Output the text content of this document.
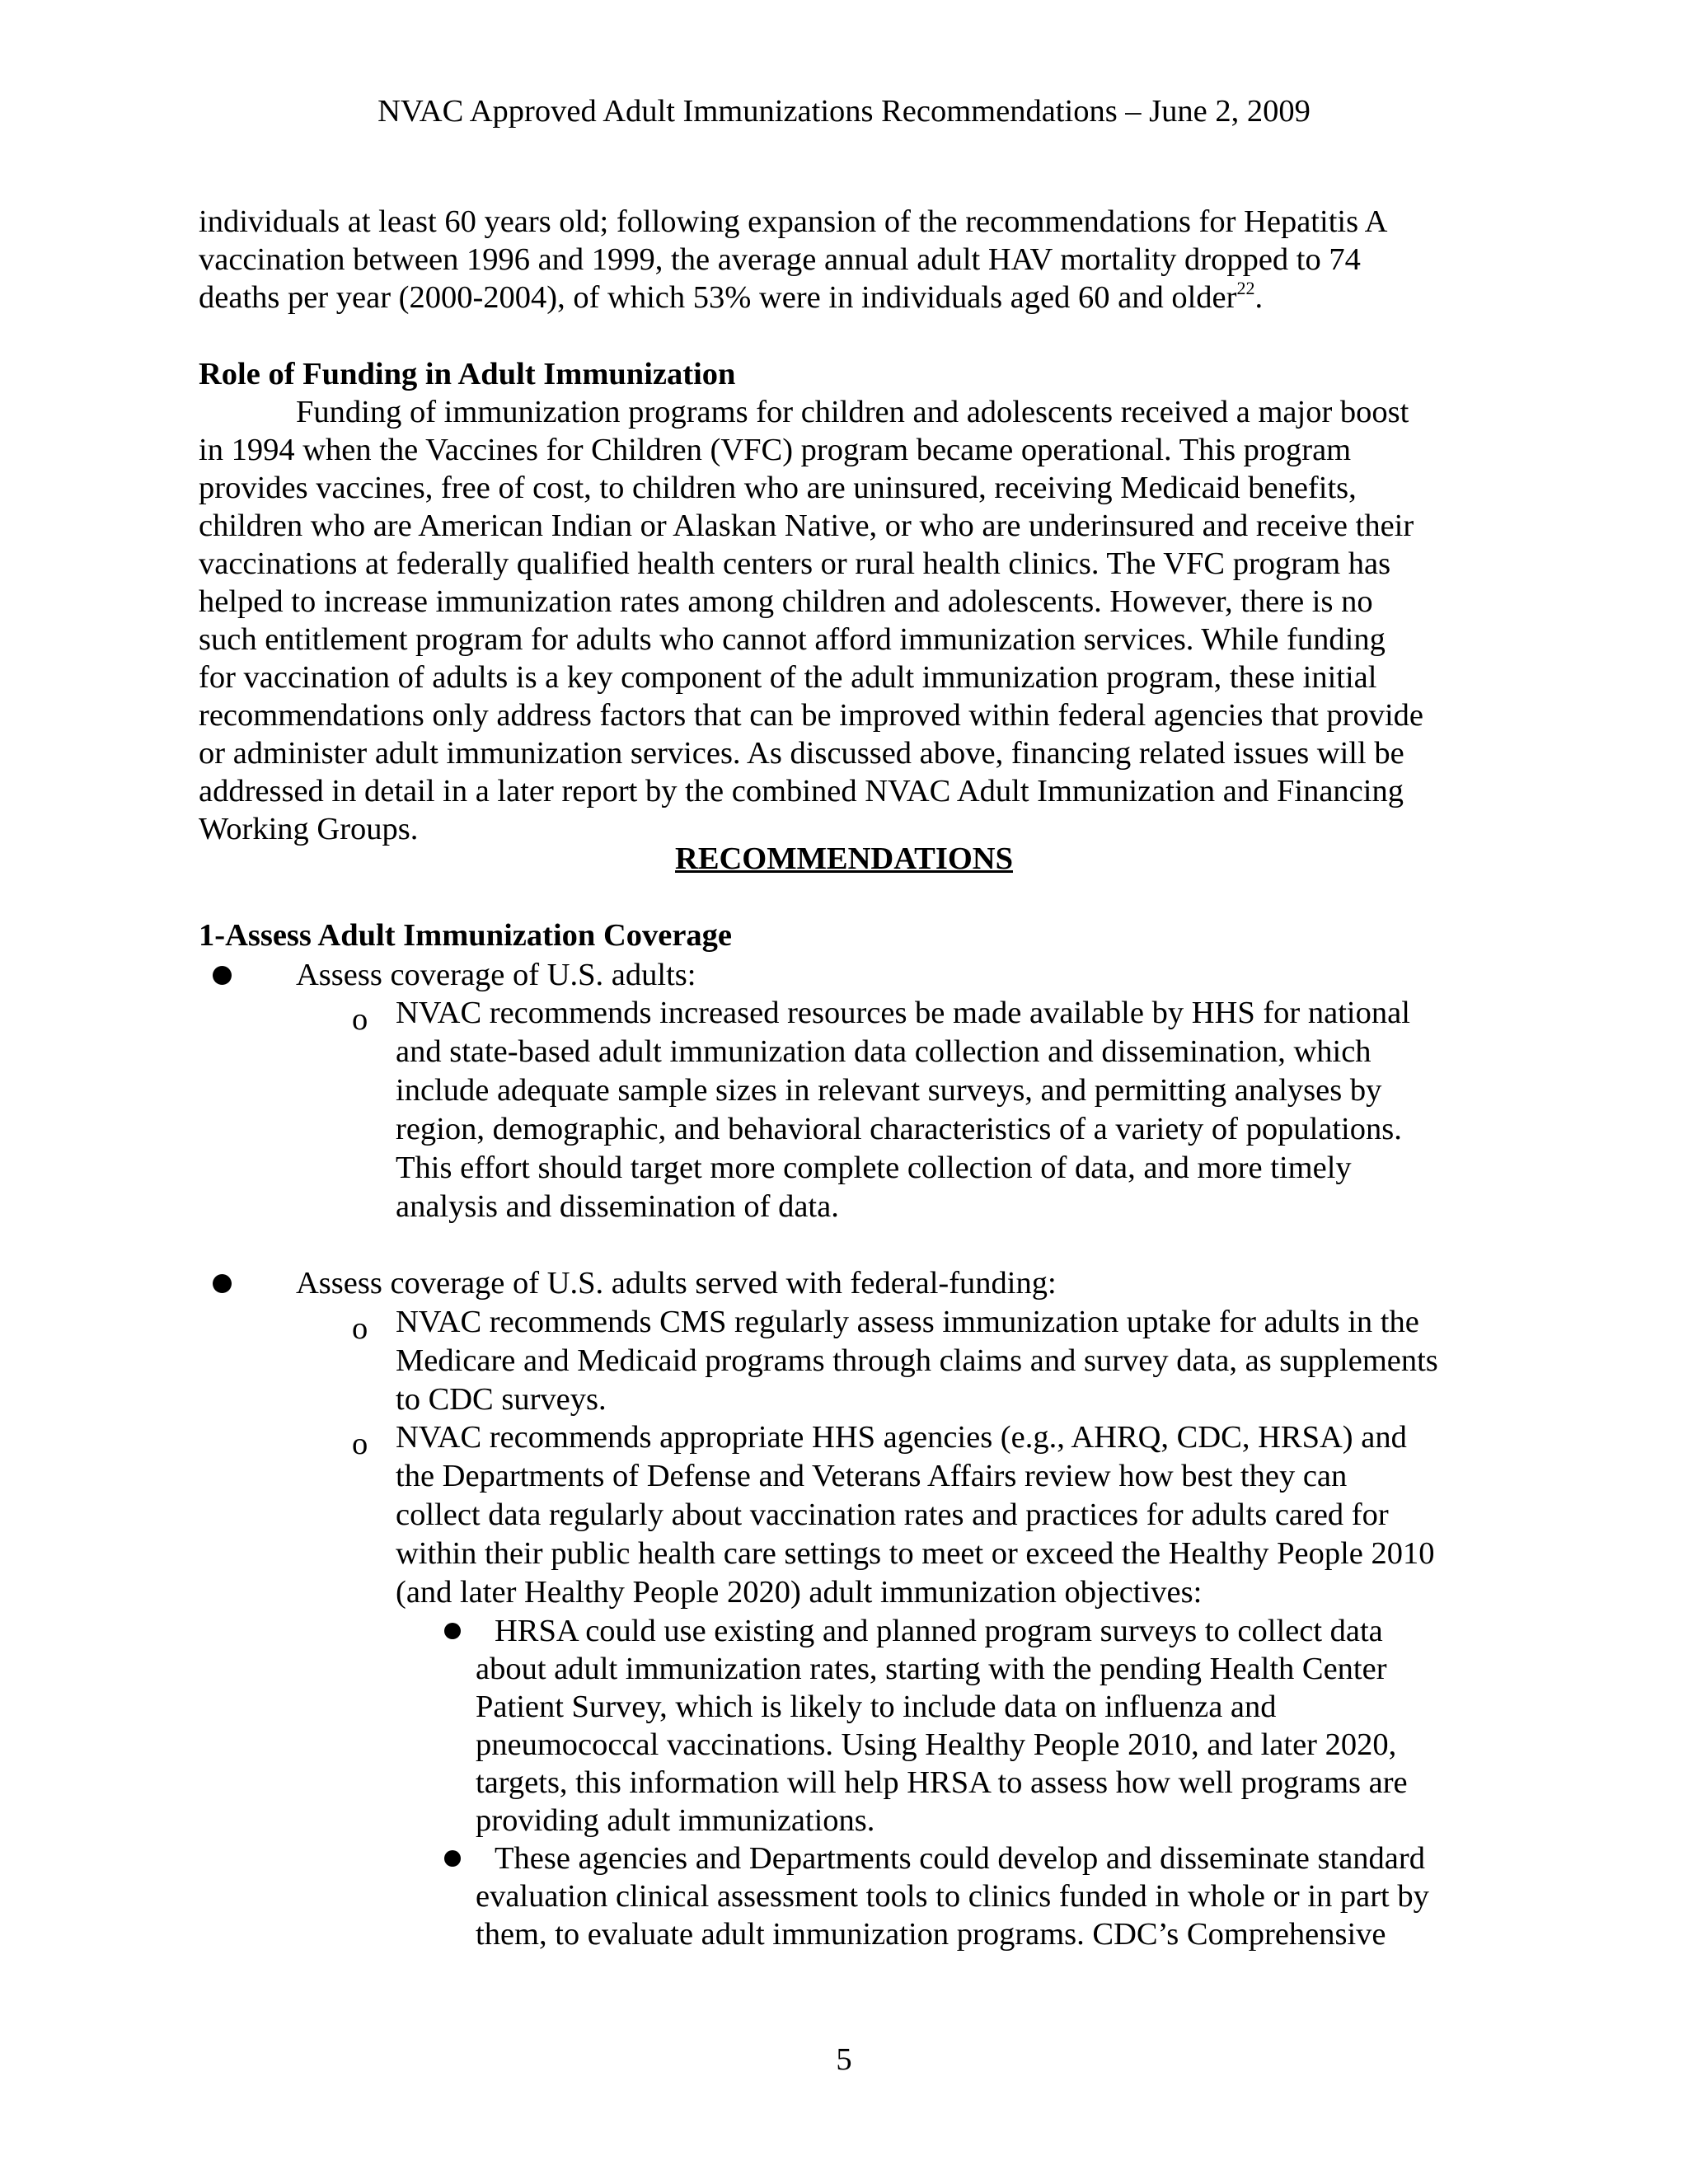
NVAC Approved Adult Immunizations Recommendations – June 2, 2009
individuals at least 60 years old; following expansion of the recommendations for Hepatitis A
vaccination between 1996 and 1999, the average annual adult HAV mortality dropped to 74
deaths per year (2000-2004), of which 53% were in individuals aged 60 and older$^{22}$.
Role of Funding in Adult Immunization
Funding of immunization programs for children and adolescents received a major boost
in 1994 when the Vaccines for Children (VFC) program became operational. This program
provides vaccines, free of cost, to children who are uninsured, receiving Medicaid benefits,
children who are American Indian or Alaskan Native, or who are underinsured and receive their
vaccinations at federally qualified health centers or rural health clinics. The VFC program has
helped to increase immunization rates among children and adolescents. However, there is no
such entitlement program for adults who cannot afford immunization services. While funding
for vaccination of adults is a key component of the adult immunization program, these initial
recommendations only address factors that can be improved within federal agencies that provide
or administer adult immunization services. As discussed above, financing related issues will be
addressed in detail in a later report by the combined NVAC Adult Immunization and Financing
Working Groups.
RECOMMENDATIONS
1-Assess Adult Immunization Coverage
Assess coverage of U.S. adults:
o NVAC recommends increased resources be made available by HHS for national
and state-based adult immunization data collection and dissemination, which
include adequate sample sizes in relevant surveys, and permitting analyses by
region, demographic, and behavioral characteristics of a variety of populations.
This effort should target more complete collection of data, and more timely
analysis and dissemination of data.
Assess coverage of U.S. adults served with federal-funding:
o NVAC recommends CMS regularly assess immunization uptake for adults in the
Medicare and Medicaid programs through claims and survey data, as supplements
to CDC surveys.
o NVAC recommends appropriate HHS agencies (e.g., AHRQ, CDC, HRSA) and
the Departments of Defense and Veterans Affairs review how best they can
collect data regularly about vaccination rates and practices for adults cared for
within their public health care settings to meet or exceed the Healthy People 2010
(and later Healthy People 2020) adult immunization objectives:
HRSA could use existing and planned program surveys to collect data
about adult immunization rates, starting with the pending Health Center
Patient Survey, which is likely to include data on influenza and
pneumococcal vaccinations. Using Healthy People 2010, and later 2020,
targets, this information will help HRSA to assess how well programs are
providing adult immunizations.
These agencies and Departments could develop and disseminate standard
evaluation clinical assessment tools to clinics funded in whole or in part by
them, to evaluate adult immunization programs. CDC’s Comprehensive
5
